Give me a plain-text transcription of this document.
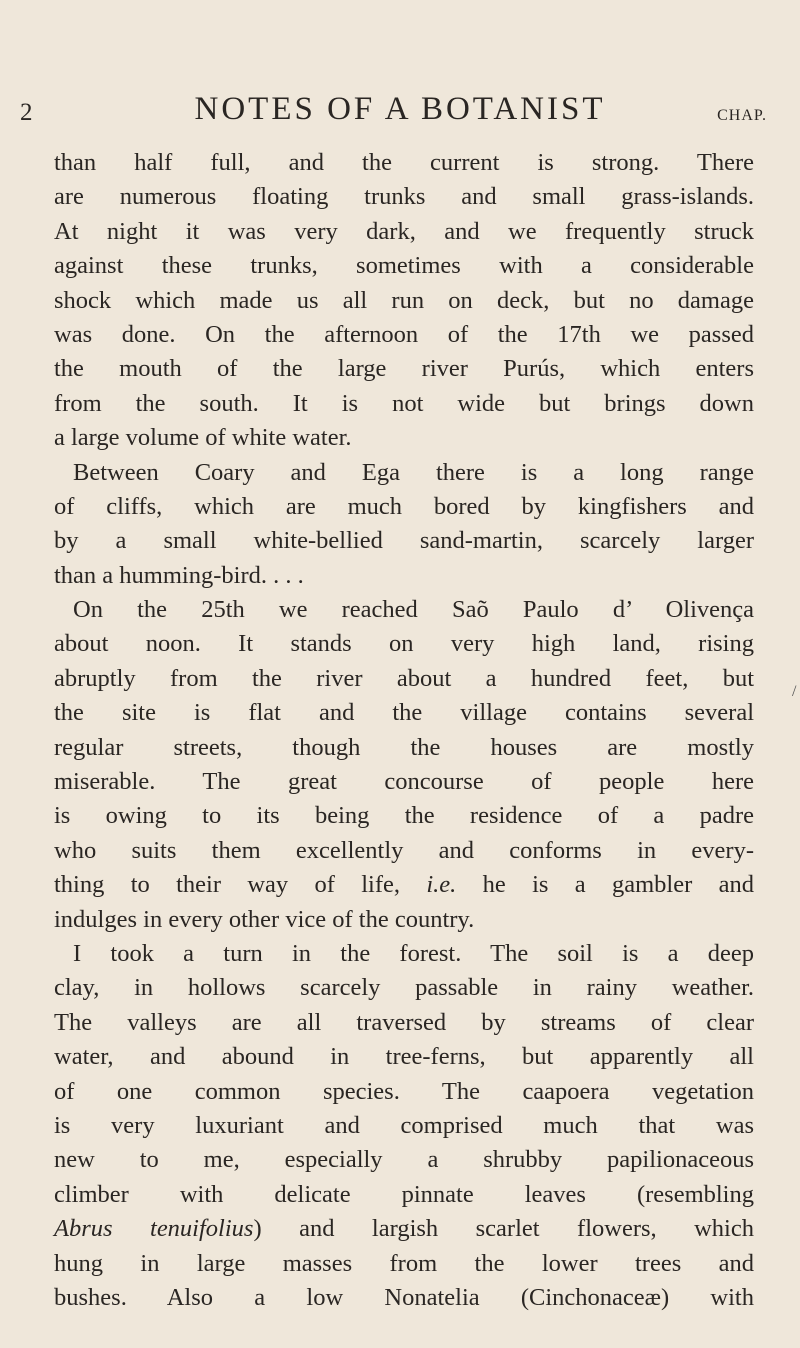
2	NOTES OF A BOTANIST	CHAP.
than half full, and the current is strong. There
are numerous floating trunks and small grass-islands.
At night it was very dark, and we frequently struck
against these trunks, sometimes with a considerable
shock which made us all run on deck, but no damage
was done. On the afternoon of the 17th we passed
the mouth of the large river Purús, which enters
from the south. It is not wide but brings down
a large volume of white water.
Between Coary and Ega there is a long range
of cliffs, which are much bored by kingfishers and
by a small white-bellied sand-martin, scarcely larger
than a humming-bird. . . .
On the 25th we reached Saõ Paulo d’ Olivença
about noon. It stands on very high land, rising
abruptly from the river about a hundred feet, but
the site is flat and the village contains several
regular streets, though the houses are mostly
miserable. The great concourse of people here
is owing to its being the residence of a padre
who suits them excellently and conforms in every-
thing to their way of life, i.e. he is a gambler and
indulges in every other vice of the country.
I took a turn in the forest. The soil is a deep
clay, in hollows scarcely passable in rainy weather.
The valleys are all traversed by streams of clear
water, and abound in tree-ferns, but apparently all
of one common species. The caapoera vegetation
is very luxuriant and comprised much that was
new to me, especially a shrubby papilionaceous
climber with delicate pinnate leaves (resembling
Abrus tenuifolius) and largish scarlet flowers, which
hung in large masses from the lower trees and
bushes. Also a low Nonatelia (Cinchonaceæ) with
/
